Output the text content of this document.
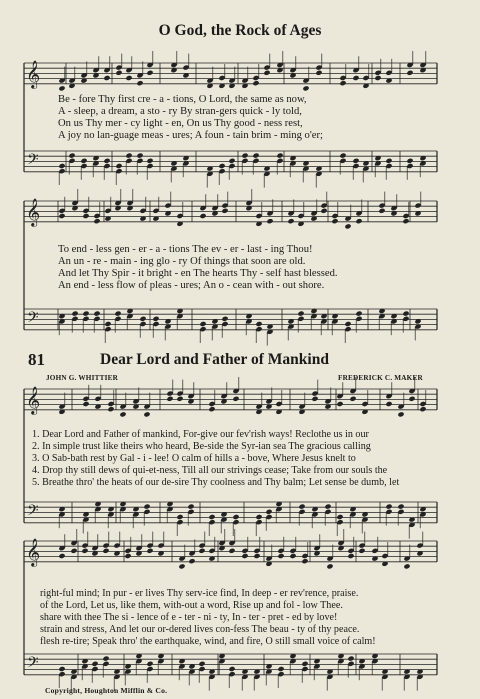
𝄞
𝄢
𝄞
𝄢
𝄞
𝄢
𝄞
𝄢
O God, the Rock of Ages
Be - fore Thy first cre - a - tions, O Lord, the same as now,
A - sleep, a dream, a sto - ry By stran-gers quick - ly told,
On us Thy mer - cy light - en, On us Thy good - ness rest,
A joy no lan-guage meas - ures; A foun - tain brim - ming o'er;
To end - less gen - er - a - tions The ev - er - last - ing Thou!
An un - re - main - ing glo - ry Of things that soon are old.
And let Thy Spir - it bright - en The hearts Thy - self hast blessed.
An end - less flow of pleas - ures; An o - cean with - out shore.
81	Dear Lord and Father of Mankind
JOHN G. WHITTIER	FREDERICK C. MAKER
1. Dear Lord and Father of mankind, For-give our fev'rish ways! Reclothe us in our
2. In simple trust like theirs who heard, Be-side the Syr-ian sea The gracious calling
3. O Sab-bath rest by Gal - i - lee! O calm of hills a - bove, Where Jesus knelt to
4. Drop thy still dews of qui-et-ness, Till all our strivings cease; Take from our souls the
5. Breathe thro' the heats of our de-sire Thy coolness and Thy balm; Let sense be dumb, let
right-ful mind; In pur - er lives Thy serv-ice find, In deep - er rev'rence, praise.
of the Lord, Let us, like them, with-out a word, Rise up and fol - low Thee.
share with thee The si - lence of e - ter - ni - ty, In - ter - pret - ed by love!
strain and stress, And let our or-dered lives con-fess The beau - ty of thy peace.
flesh re-tire; Speak thro' the earthquake, wind, and fire, O still small voice of calm!
Copyright, Houghton Mifflin & Co.
